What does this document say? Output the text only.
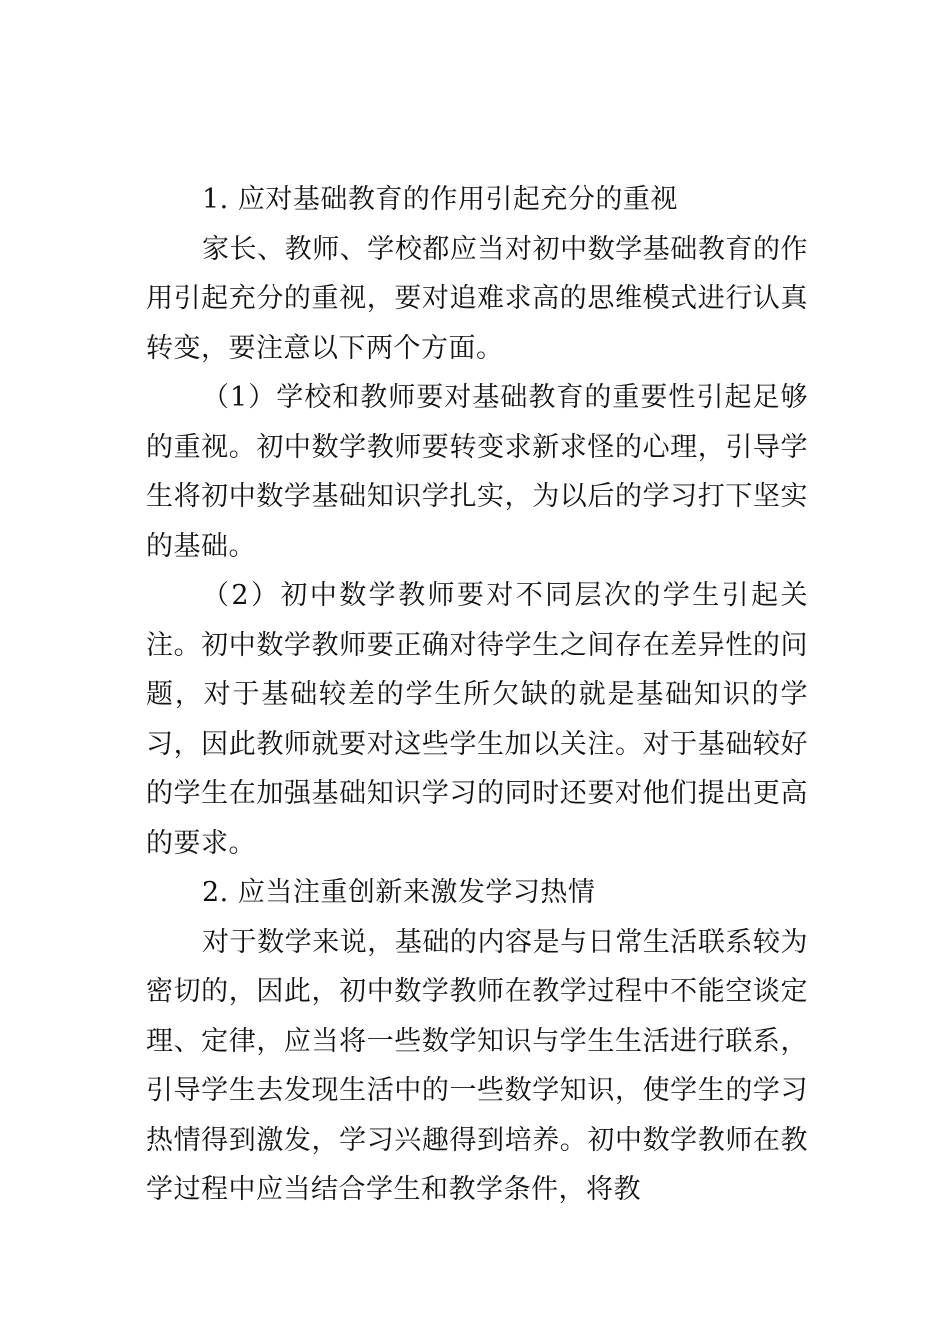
1. 应对基础教育的作用引起充分的重视

家长、教师、学校都应当对初中数学基础教育的作用引起充分的重视，要对追难求高的思维模式进行认真转变，要注意以下两个方面。

（1）学校和教师要对基础教育的重要性引起足够的重视。初中数学教师要转变求新求怪的心理，引导学生将初中数学基础知识学扎实，为以后的学习打下坚实的基础。

（2）初中数学教师要对不同层次的学生引起关注。初中数学教师要正确对待学生之间存在差异性的问题，对于基础较差的学生所欠缺的就是基础知识的学习，因此教师就要对这些学生加以关注。对于基础较好的学生在加强基础知识学习的同时还要对他们提出更高的要求。

2. 应当注重创新来激发学习热情

对于数学来说，基础的内容是与日常生活联系较为密切的，因此，初中数学教师在教学过程中不能空谈定理、定律，应当将一些数学知识与学生生活进行联系，引导学生去发现生活中的一些数学知识，使学生的学习热情得到激发，学习兴趣得到培养。初中数学教师在教学过程中应当结合学生和教学条件，将教
